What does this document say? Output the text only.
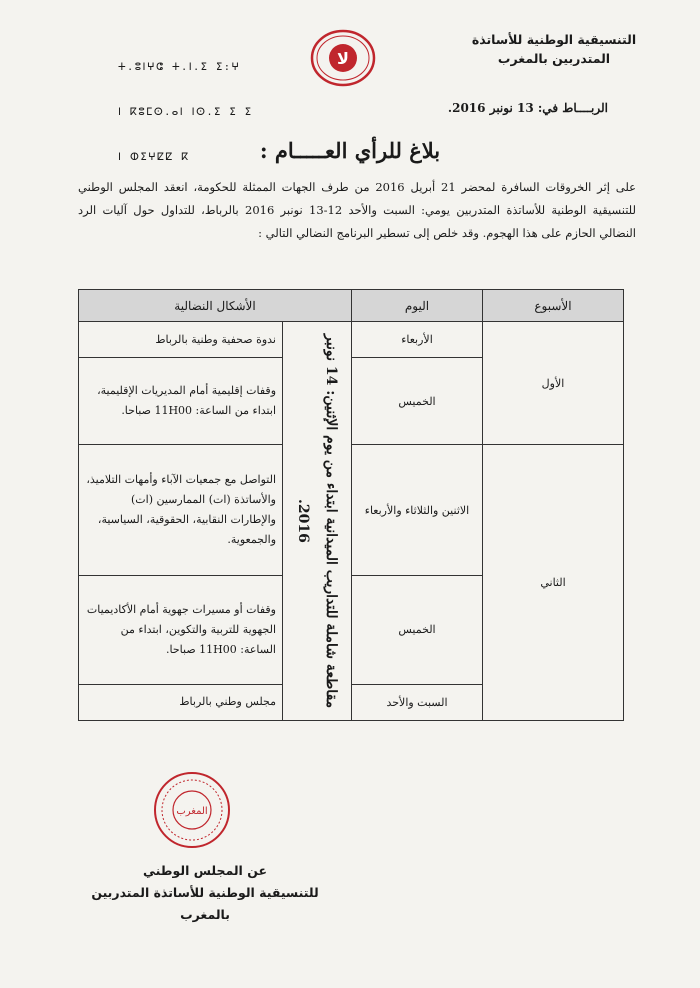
التنسيقية الوطنية للأساتذة
المتدربين بالمغرب

ⵜ.ⵓⵏⵖⵛ ⵜ.ⵏ.ⵉ ⵉ:ⵖ

ⵏ ⴽⵓⵎⵙ.ⴰⵏ ⵏⵙ.ⵉ ⵉ ⵉ

ⵏ ⵀⵉⵖⵇⵇ ⴽ

لا
الربــــاط في: 13 نونبر 2016.
بلاغ للرأي العـــــام :
على إثر الخروقات السافرة لمحضر 21 أبريل 2016 من طرف الجهات الممثلة للحكومة، انعقد المجلس الوطني للتنسيقية الوطنية للأساتذة المتدربين يومي: السبت والأحد 12-13 نونبر 2016 بالرباط، للتداول حول آليات الرد النضالي الحازم على هذا الهجوم. وقد خلص إلى تسطير البرنامج النضالي التالي :
الأسبوع	اليوم	الأشكال النضالية	
الأول	الأربعاء	مقاطعة شاملة للتداريب الميدانية ابتداء من يوم الإثنين: 14 نونبر 2016.	ندوة صحفية وطنية بالرباط
	الخميس		وقفات إقليمية أمام المديريات الإقليمية، ابتداء من الساعة: 11H00 صباحا.
الثاني	الاثنين والثلاثاء والأربعاء		التواصل مع جمعيات الآباء وأمهات التلاميذ، والأساتذة (ات) الممارسين (ات) والإطارات النقابية، الحقوقية، السياسية، والجمعوية.
	الخميس		وقفات أو مسيرات جهوية أمام الأكاديميات الجهوية للتربية والتكوين، ابتداء من الساعة: 11H00 صباحا.
	السبت والأحد		مجلس وطني بالرباط
المغرب
عن المجلس الوطني
للتنسيقية الوطنية للأساتذة المتدربين بالمغرب
